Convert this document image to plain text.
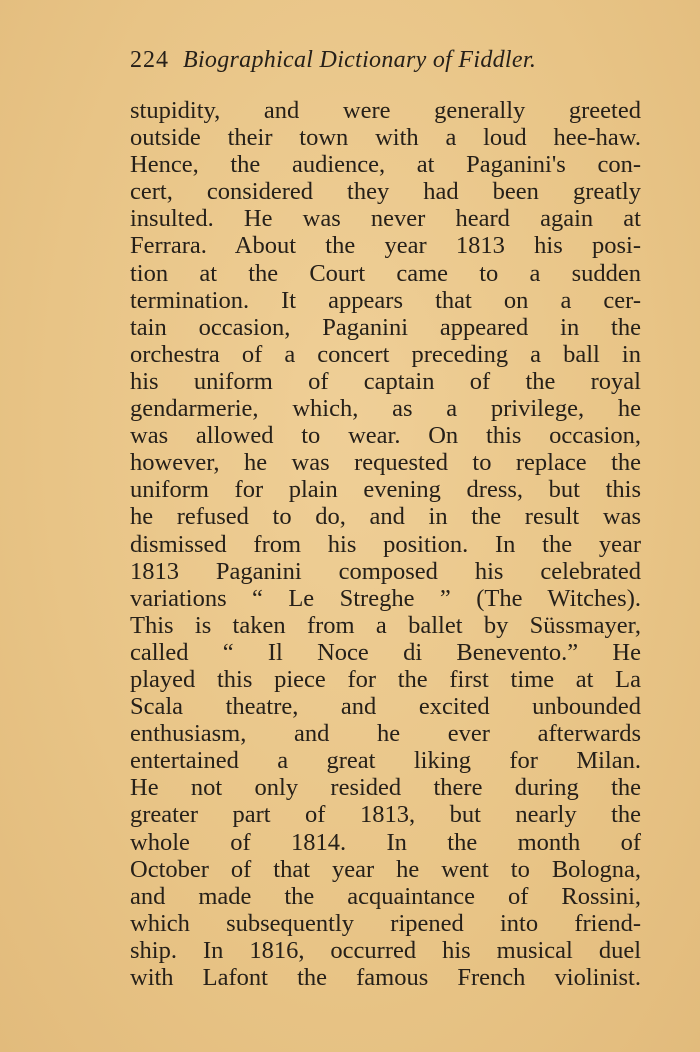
224 Biographical Dictionary of Fiddler.
stupidity, and were generally greeted
outside their town with a loud hee-haw.
Hence, the audience, at Paganini's con-
cert, considered they had been greatly
insulted. He was never heard again at
Ferrara. About the year 1813 his posi-
tion at the Court came to a sudden
termination. It appears that on a cer-
tain occasion, Paganini appeared in the
orchestra of a concert preceding a ball in
his uniform of captain of the royal
gendarmerie, which, as a privilege, he
was allowed to wear. On this occasion,
however, he was requested to replace the
uniform for plain evening dress, but this
he refused to do, and in the result was
dismissed from his position. In the year
1813 Paganini composed his celebrated
variations “ Le Streghe ” (The Witches).
This is taken from a ballet by Süssmayer,
called “ Il Noce di Benevento.” He
played this piece for the first time at La
Scala theatre, and excited unbounded
enthusiasm, and he ever afterwards
entertained a great liking for Milan.
He not only resided there during the
greater part of 1813, but nearly the
whole of 1814. In the month of
October of that year he went to Bologna,
and made the acquaintance of Rossini,
which subsequently ripened into friend-
ship. In 1816, occurred his musical duel
with Lafont the famous French violinist.
